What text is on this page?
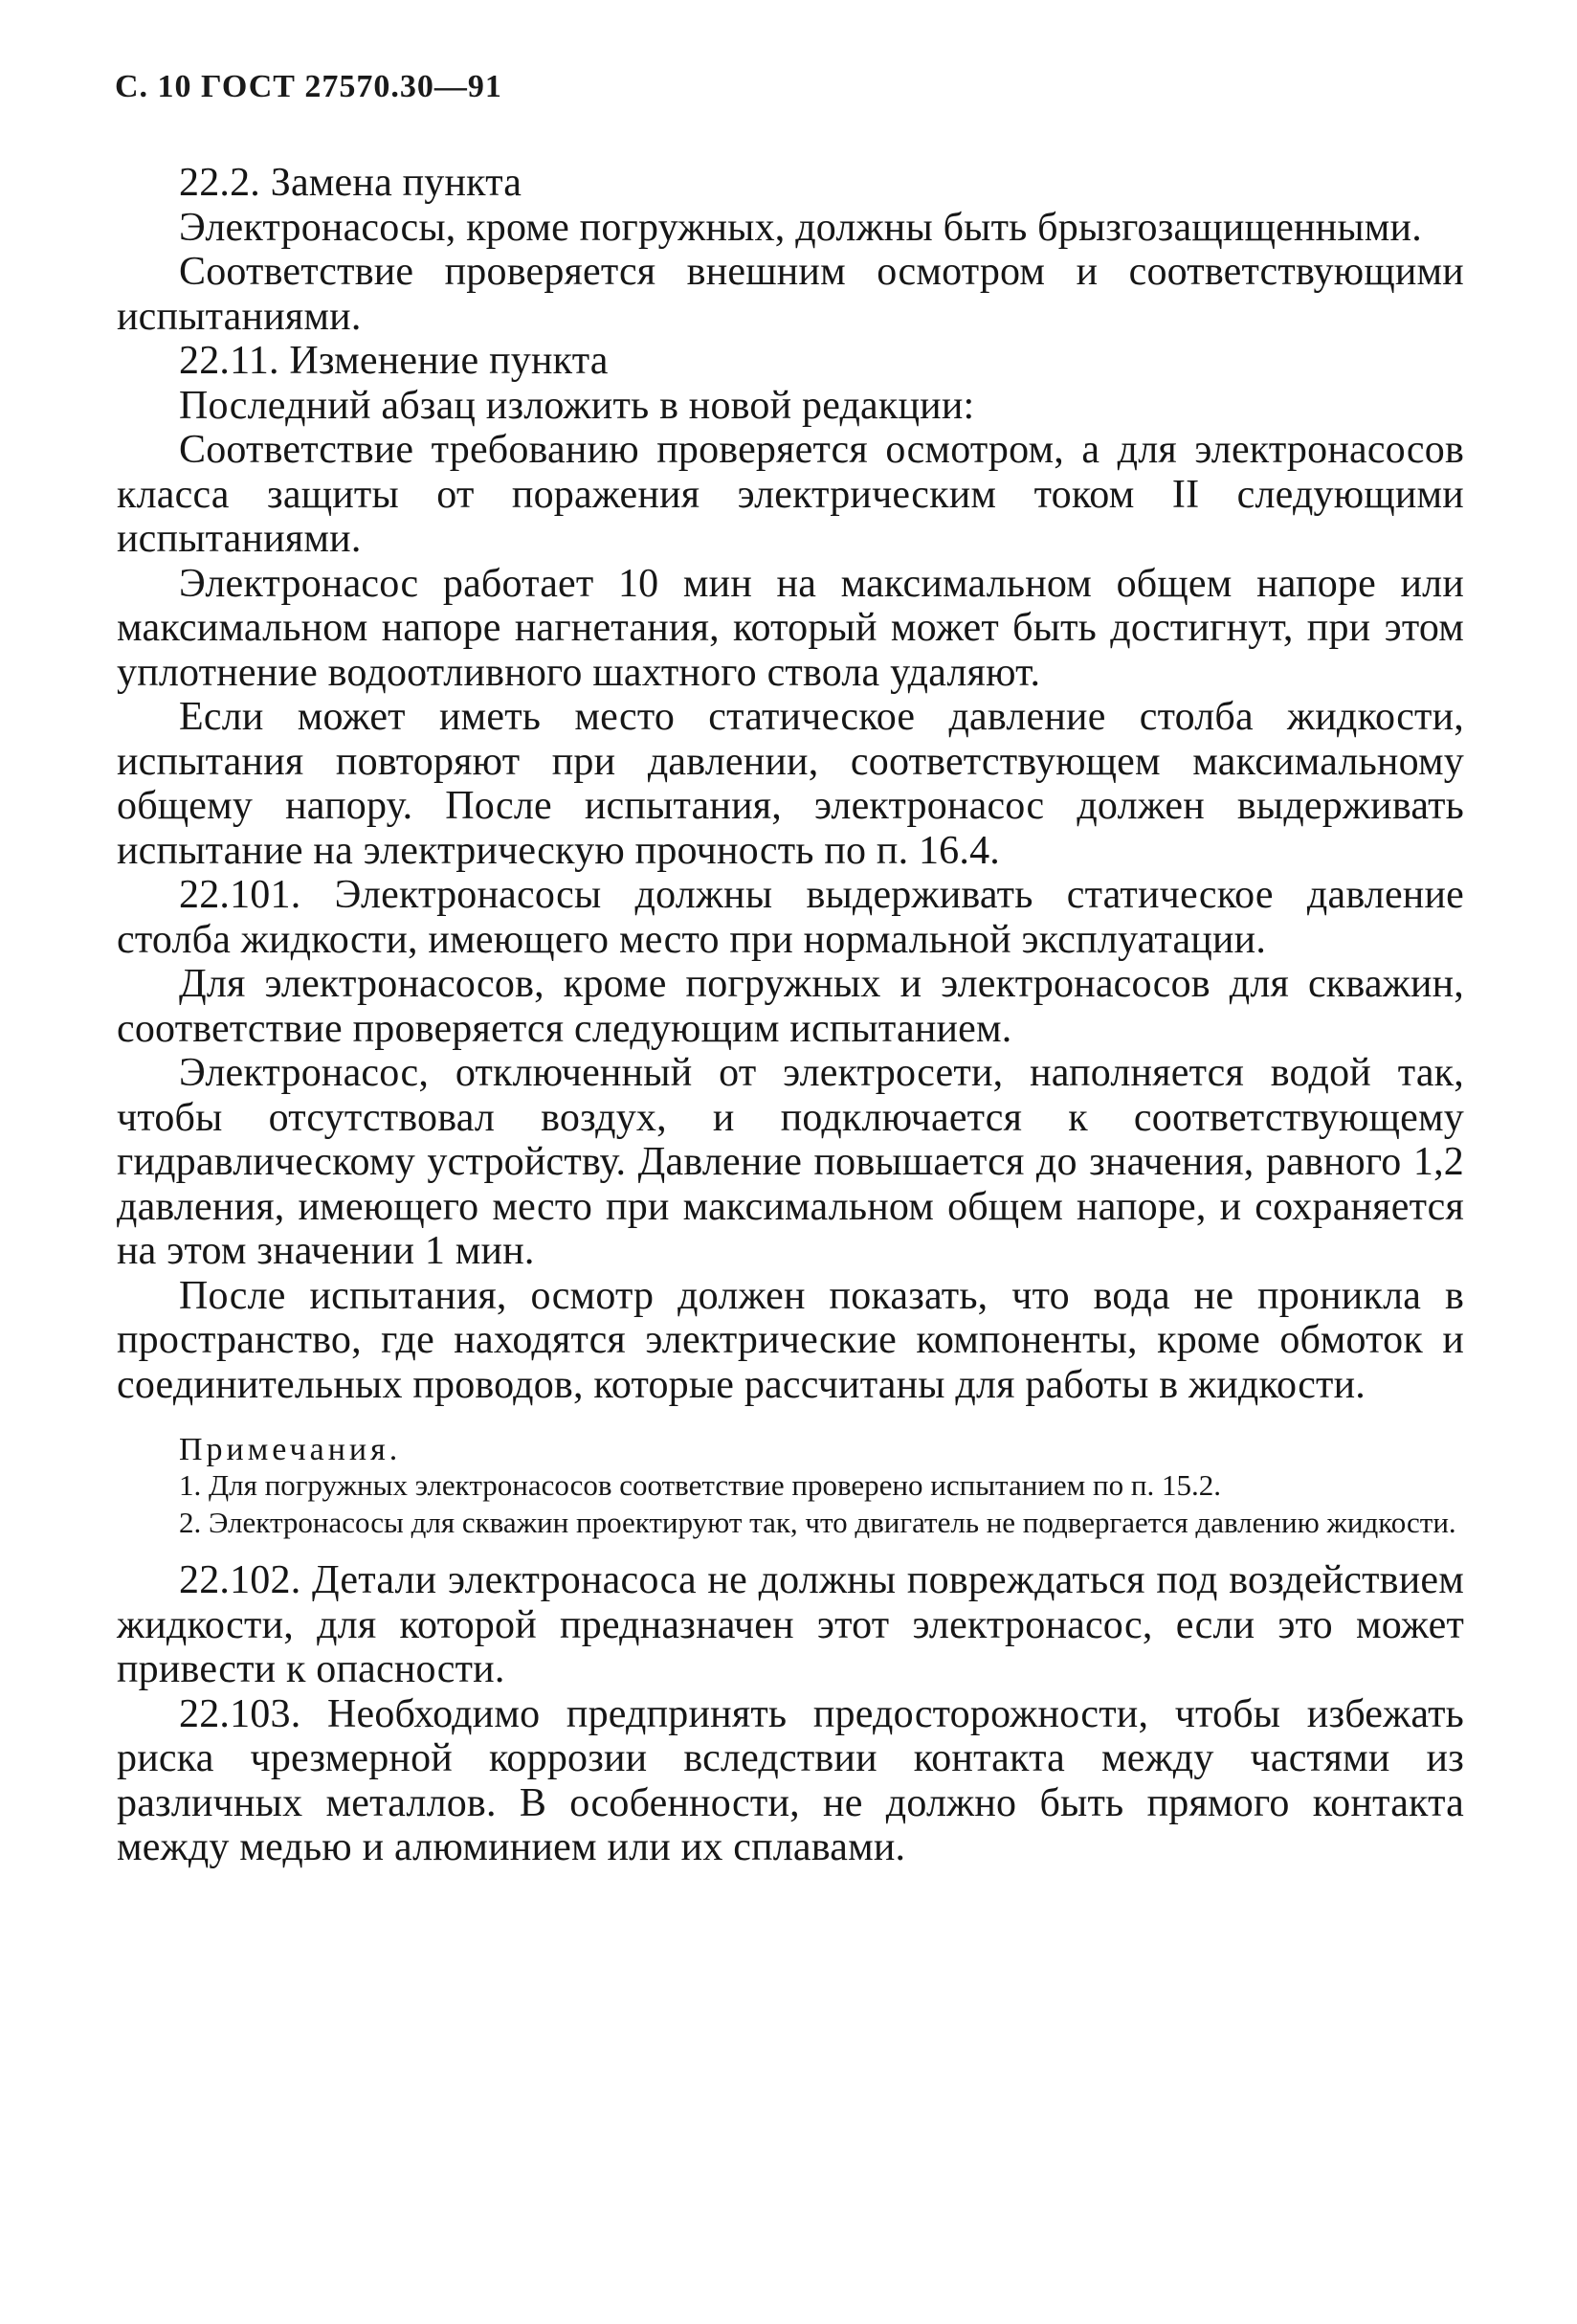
С. 10 ГОСТ 27570.30—91

22.2. Замена пункта

Электронасосы, кроме погружных, должны быть брызгозащищенными.

Соответствие проверяется внешним осмотром и соответствующими испытаниями.

22.11. Изменение пункта

Последний абзац изложить в новой редакции:

Соответствие требованию проверяется осмотром, а для электронасосов класса защиты от поражения электрическим током II следующими испытаниями.

Электронасос работает 10 мин на максимальном общем напоре или максимальном напоре нагнетания, который может быть достигнут, при этом уплотнение водоотливного шахтного ствола удаляют.

Если может иметь место статическое давление столба жидкости, испытания повторяют при давлении, соответствующем максимальному общему напору. После испытания, электронасос должен выдерживать испытание на электрическую прочность по п. 16.4.

22.101. Электронасосы должны выдерживать статическое давление столба жидкости, имеющего место при нормальной эксплуатации.

Для электронасосов, кроме погружных и электронасосов для скважин, соответствие проверяется следующим испытанием.

Электронасос, отключенный от электросети, наполняется водой так, чтобы отсутствовал воздух, и подключается к соответствующему гидравлическому устройству. Давление повышается до значения, равного 1,2 давления, имеющего место при максимальном общем напоре, и сохраняется на этом значении 1 мин.

После испытания, осмотр должен показать, что вода не проникла в пространство, где находятся электрические компоненты, кроме обмоток и соединительных проводов, которые рассчитаны для работы в жидкости.

Примечания.

1. Для погружных электронасосов соответствие проверено испытанием по п. 15.2.

2. Электронасосы для скважин проектируют так, что двигатель не подвергается давлению жидкости.

22.102. Детали электронасоса не должны повреждаться под воздействием жидкости, для которой предназначен этот электронасос, если это может привести к опасности.

22.103. Необходимо предпринять предосторожности, чтобы избежать риска чрезмерной коррозии вследствии контакта между частями из различных металлов. В особенности, не должно быть прямого контакта между медью и алюминием или их сплавами.
